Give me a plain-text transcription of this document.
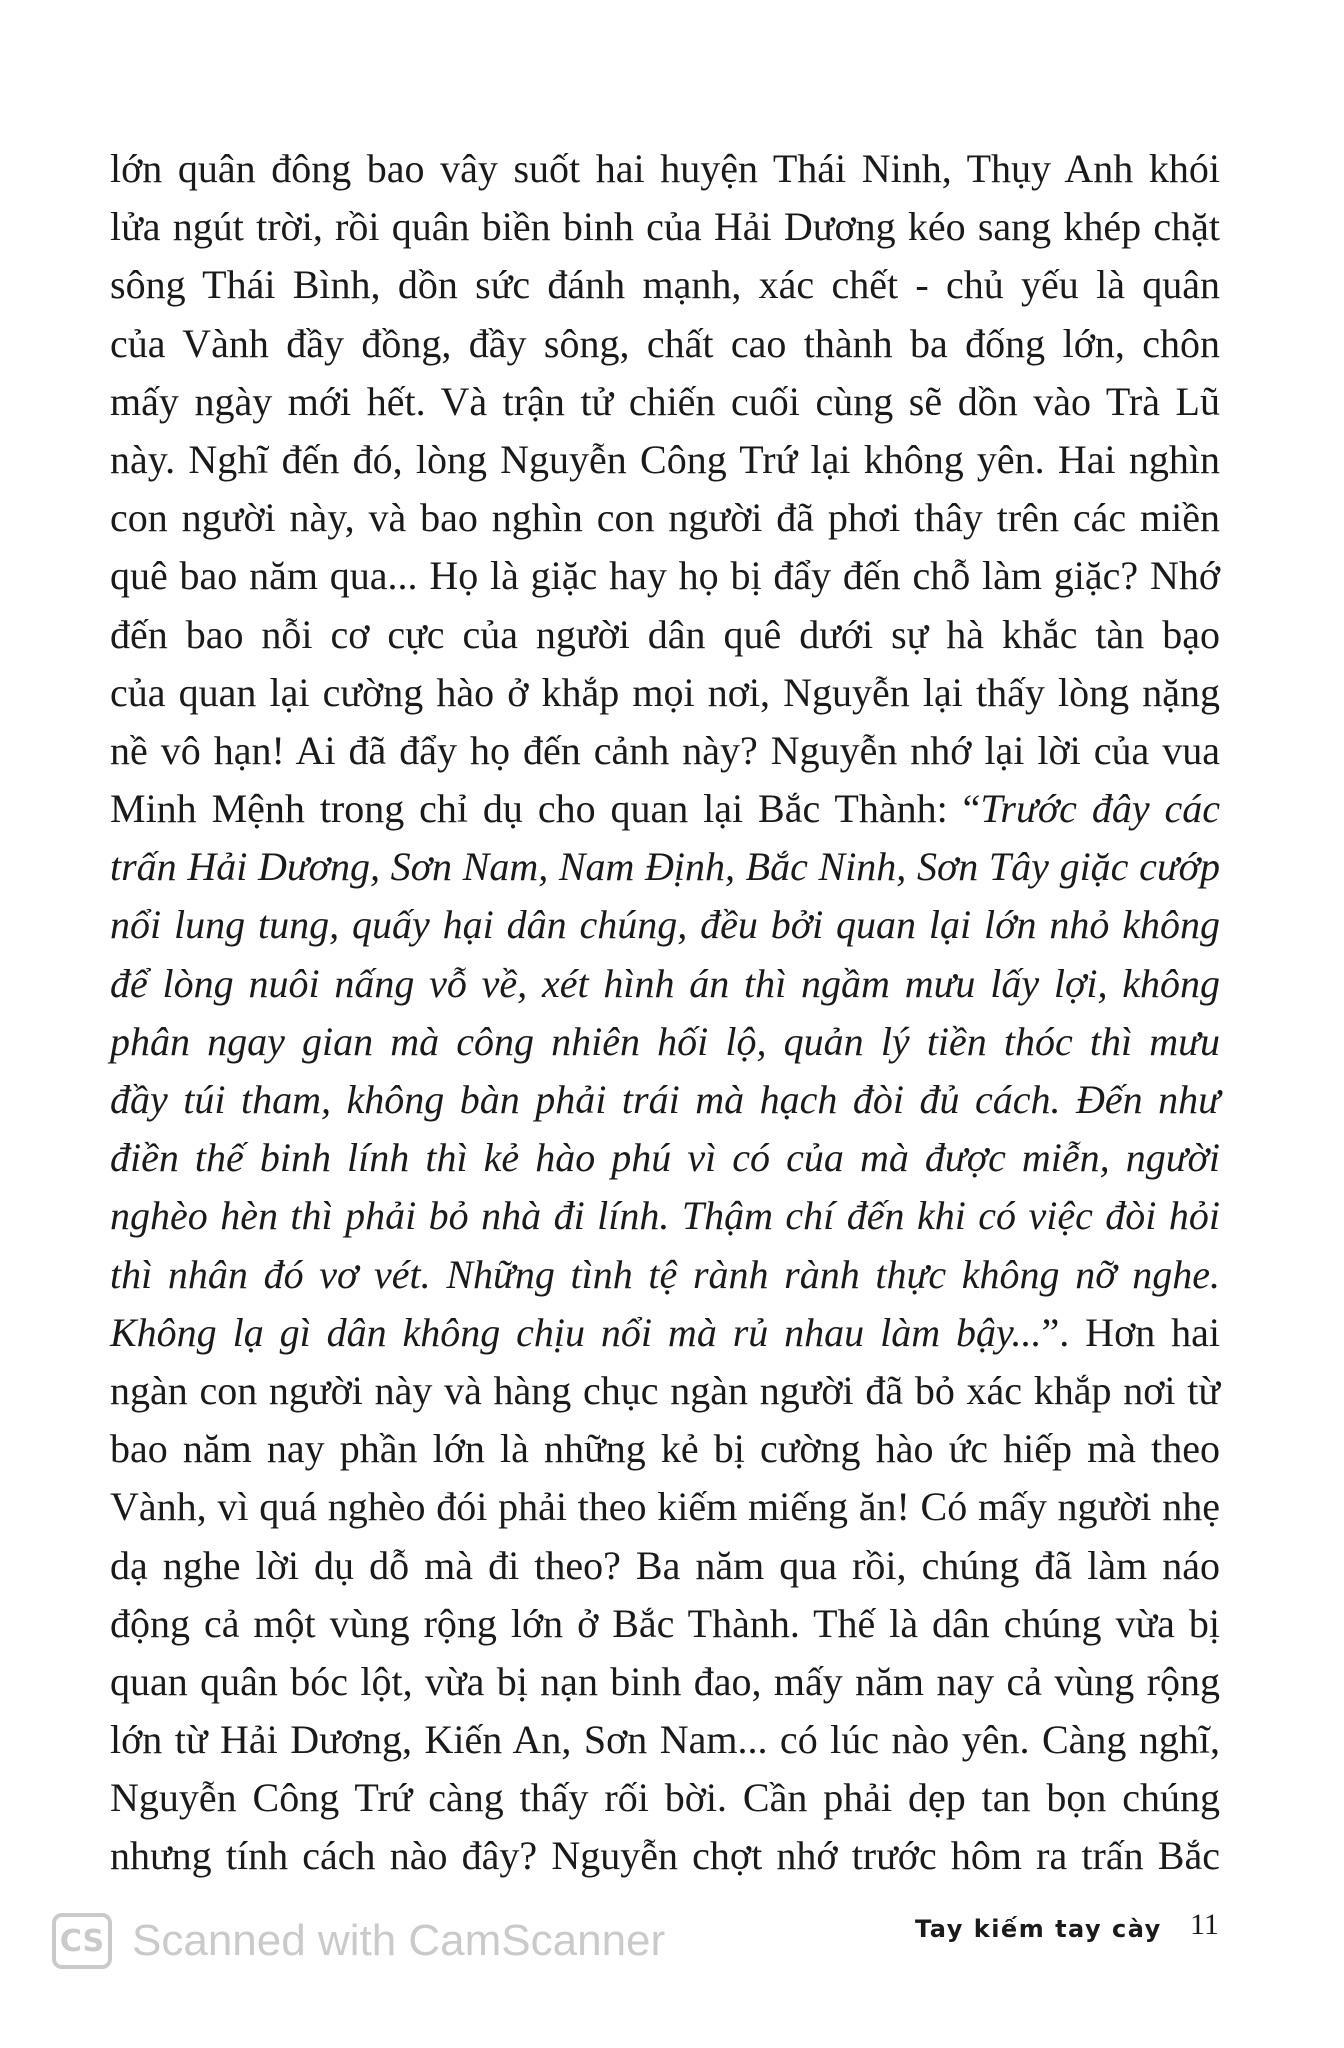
lớn quân đông bao vây suốt hai huyện Thái Ninh, Thụy Anh khói
lửa ngút trời, rồi quân biền binh của Hải Dương kéo sang khép chặt
sông Thái Bình, dồn sức đánh mạnh, xác chết - chủ yếu là quân
của Vành đầy đồng, đầy sông, chất cao thành ba đống lớn, chôn
mấy ngày mới hết. Và trận tử chiến cuối cùng sẽ dồn vào Trà Lũ
này. Nghĩ đến đó, lòng Nguyễn Công Trứ lại không yên. Hai nghìn
con người này, và bao nghìn con người đã phơi thây trên các miền
quê bao năm qua... Họ là giặc hay họ bị đẩy đến chỗ làm giặc? Nhớ
đến bao nỗi cơ cực của người dân quê dưới sự hà khắc tàn bạo
của quan lại cường hào ở khắp mọi nơi, Nguyễn lại thấy lòng nặng
nề vô hạn! Ai đã đẩy họ đến cảnh này? Nguyễn nhớ lại lời của vua
Minh Mệnh trong chỉ dụ cho quan lại Bắc Thành: “Trước đây các
trấn Hải Dương, Sơn Nam, Nam Định, Bắc Ninh, Sơn Tây giặc cướp
nổi lung tung, quấy hại dân chúng, đều bởi quan lại lớn nhỏ không
để lòng nuôi nấng vỗ về, xét hình án thì ngầm mưu lấy lợi, không
phân ngay gian mà công nhiên hối lộ, quản lý tiền thóc thì mưu
đầy túi tham, không bàn phải trái mà hạch đòi đủ cách. Đến như
điền thế binh lính thì kẻ hào phú vì có của mà được miễn, người
nghèo hèn thì phải bỏ nhà đi lính. Thậm chí đến khi có việc đòi hỏi
thì nhân đó vơ vét. Những tình tệ rành rành thực không nỡ nghe.
Không lạ gì dân không chịu nổi mà rủ nhau làm bậy...”. Hơn hai
ngàn con người này và hàng chục ngàn người đã bỏ xác khắp nơi từ
bao năm nay phần lớn là những kẻ bị cường hào ức hiếp mà theo
Vành, vì quá nghèo đói phải theo kiếm miếng ăn! Có mấy người nhẹ
dạ nghe lời dụ dỗ mà đi theo? Ba năm qua rồi, chúng đã làm náo
động cả một vùng rộng lớn ở Bắc Thành. Thế là dân chúng vừa bị
quan quân bóc lột, vừa bị nạn binh đao, mấy năm nay cả vùng rộng
lớn từ Hải Dương, Kiến An, Sơn Nam... có lúc nào yên. Càng nghĩ,
Nguyễn Công Trứ càng thấy rối bời. Cần phải dẹp tan bọn chúng
nhưng tính cách nào đây? Nguyễn chợt nhớ trước hôm ra trấn Bắc
CS Scanned with CamScanner	Tay kiếm tay cày 11
